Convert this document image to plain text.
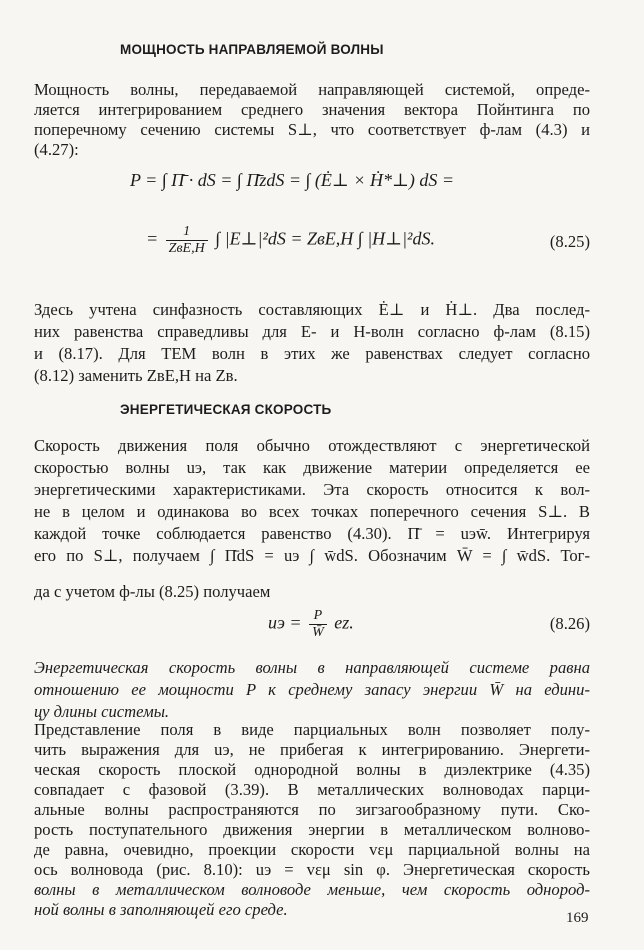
МОЩНОСТЬ НАПРАВЛЯЕМОЙ ВОЛНЫ
Мощность волны, передаваемой направляющей системой, опреде-
ляется интегрированием среднего значения вектора Пойнтинга по
поперечному сечению системы S⊥, что соответствует ф-лам (4.3) и
(4.27):
P = ∫ Π̄ · dS = ∫ Π̄zdS = ∫ (Ė⊥ × Ḣ*⊥) dS =
= $\frac{1}{\text{ZвE,H}}$ ∫ |E⊥|²dS = ZвE,H ∫ |H⊥|²dS.	(8.25)
Здесь учтена синфазность составляющих Ė⊥ и Ḣ⊥. Два послед-
них равенства справедливы для E- и H-волн согласно ф-лам (8.15)
и (8.17). Для ТЕМ волн в этих же равенствах следует согласно
(8.12) заменить ZвE,H на Zв.
ЭНЕРГЕТИЧЕСКАЯ СКОРОСТЬ
Скорость движения поля обычно отождествляют с энергетической
скоростью волны uэ, так как движение материи определяется ее
энергетическими характеристиками. Эта скорость относится к вол-
не в целом и одинакова во всех точках поперечного сечения S⊥. В
каждой точке соблюдается равенство (4.30). Π̄ = uэw̄. Интегрируя
его по S⊥, получаем ∫ Π̄dS = uэ ∫ w̄dS. Обозначим W̄ = ∫ w̄dS. Тог-
да с учетом ф-лы (8.25) получаем
uэ = $\frac{P}{W̄}$ ez.	(8.26)
Энергетическая скорость волны в направляющей системе равна
отношению ее мощности P к среднему запасу энергии W̄ на едини-
цу длины системы.
Представление поля в виде парциальных волн позволяет полу-
чить выражения для uэ, не прибегая к интегрированию. Энергети-
ческая скорость плоской однородной волны в диэлектрике (4.35)
совпадает с фазовой (3.39). В металлических волноводах парци-
альные волны распространяются по зигзагообразному пути. Ско-
рость поступательного движения энергии в металлическом волново-
де равна, очевидно, проекции скорости vεμ парциальной волны на
ось волновода (рис. 8.10): uэ = vεμ sin φ. Энергетическая скорость
волны в металлическом волноводе меньше, чем скорость однород-
ной волны в заполняющей его среде.	169
